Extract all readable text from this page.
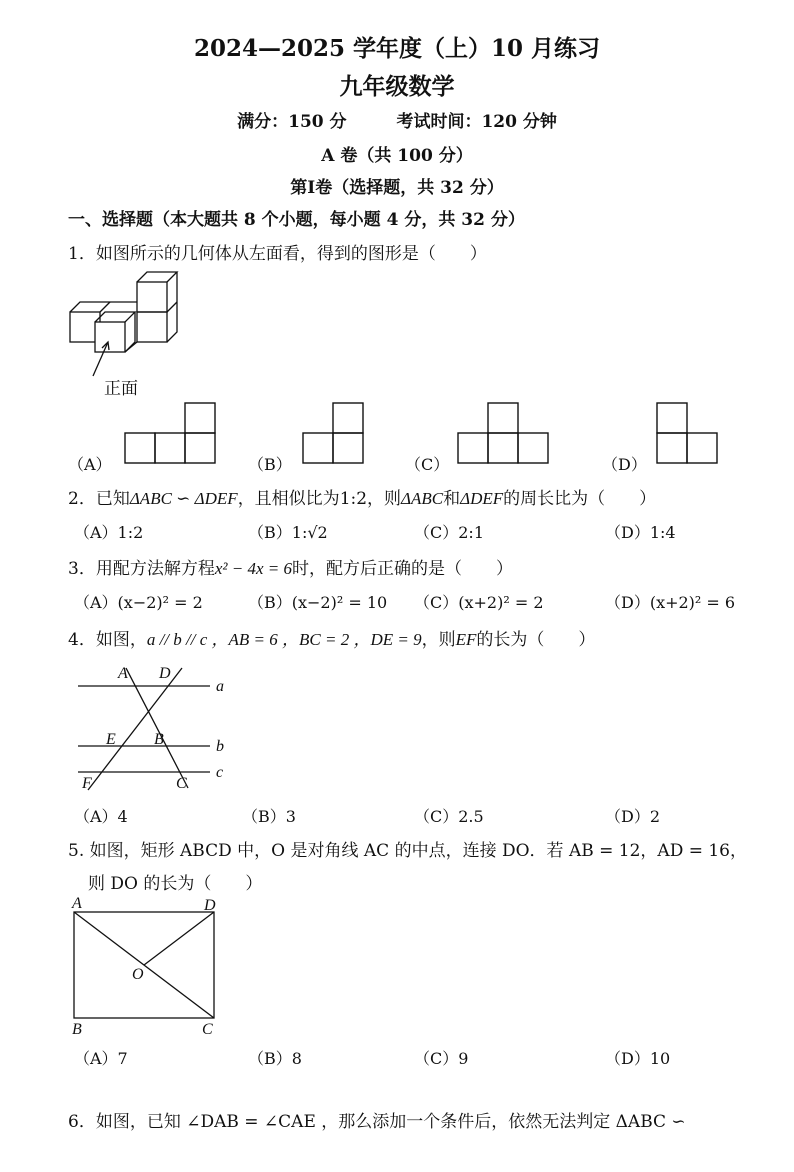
2024—2025 学年度（上）10 月练习
九年级数学
满分：150 分	考试时间：120 分钟
A 卷（共 100 分）
第Ⅰ卷（选择题，共 32 分）
一、选择题（本大题共 8 个小题，每小题 4 分，共 32 分）
1．如图所示的几何体从左面看，得到的图形是（　　）
正面
（A）	（B）	（C）	（D）
2．已知ΔABC ∽ ΔDEF，且相似比为1:2，则ΔABC和ΔDEF的周长比为（　　）
（A）1:2	（B）1:√2	（C）2:1	（D）1:4
3．用配方法解方程x² − 4x = 6时，配方后正确的是（　　）
（A）(x−2)² = 2	（B）(x−2)² = 10 （C）(x+2)² = 2	（D）(x+2)² = 6
4．如图，a // b // c ，AB = 6 ，BC = 2 ，DE = 9，则EF的长为（　　）
A D
a
E B	b
F	C
c
（A）4	（B）3	（C）2.5	（D）2
5. 如图，矩形 ABCD 中，O 是对角线 AC 的中点，连接 DO．若 AB = 12，AD = 16，
则 DO 的长为（　　）
A	D
O
B	C
（A）7	（B）8	（C）9	（D）10
6．如图，已知 ∠DAB = ∠CAE ，那么添加一个条件后，依然无法判定 ΔABC ∽
